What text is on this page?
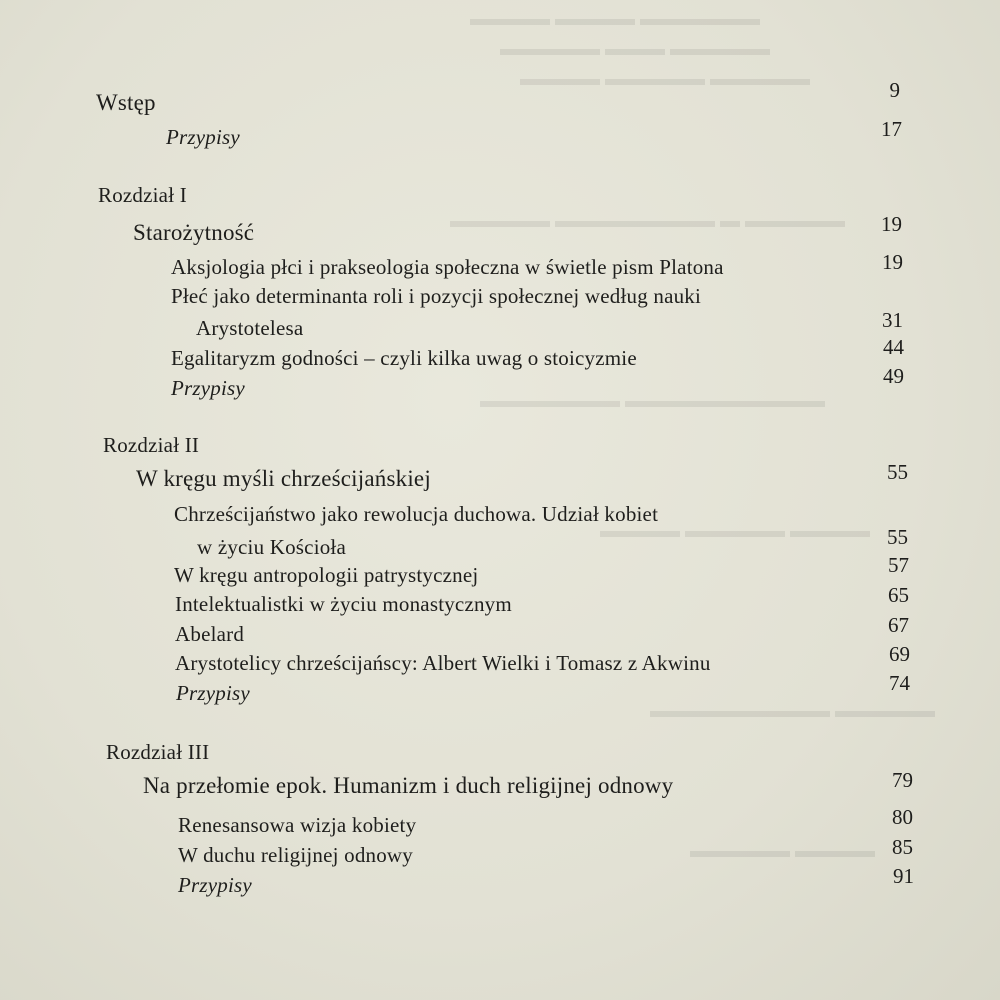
▬▬▬▬ ▬▬▬▬ ▬▬▬▬▬▬
▬▬▬▬▬ ▬▬▬ ▬▬▬▬▬
▬▬▬▬ ▬▬▬▬▬ ▬▬▬▬▬
▬▬▬▬▬ ▬▬▬▬▬▬▬▬ ▬ ▬▬▬▬▬
▬▬▬▬▬▬▬ ▬▬▬▬▬▬▬▬▬▬
▬▬▬▬ ▬▬▬▬▬ ▬▬▬▬
▬▬▬▬▬▬▬▬▬ ▬▬▬▬▬
▬▬▬▬▬ ▬▬▬▬
Wstęp	9
Przypisy	17
Rozdział I
Starożytność	19
Aksjologia płci i prakseologia społeczna w świetle pism Platona	19
Płeć jako determinanta roli i pozycji społecznej według nauki
Arystotelesa	31
Egalitaryzm godności – czyli kilka uwag o stoicyzmie	44
Przypisy	49
Rozdział II
W kręgu myśli chrześcijańskiej	55
Chrześcijaństwo jako rewolucja duchowa. Udział kobiet
w życiu Kościoła	55
W kręgu antropologii patrystycznej	57
Intelektualistki w życiu monastycznym	65
Abelard	67
Arystotelicy chrześcijańscy: Albert Wielki i Tomasz z Akwinu	69
Przypisy	74
Rozdział III
Na przełomie epok. Humanizm i duch religijnej odnowy	79
Renesansowa wizja kobiety	80
W duchu religijnej odnowy	85
Przypisy	91
